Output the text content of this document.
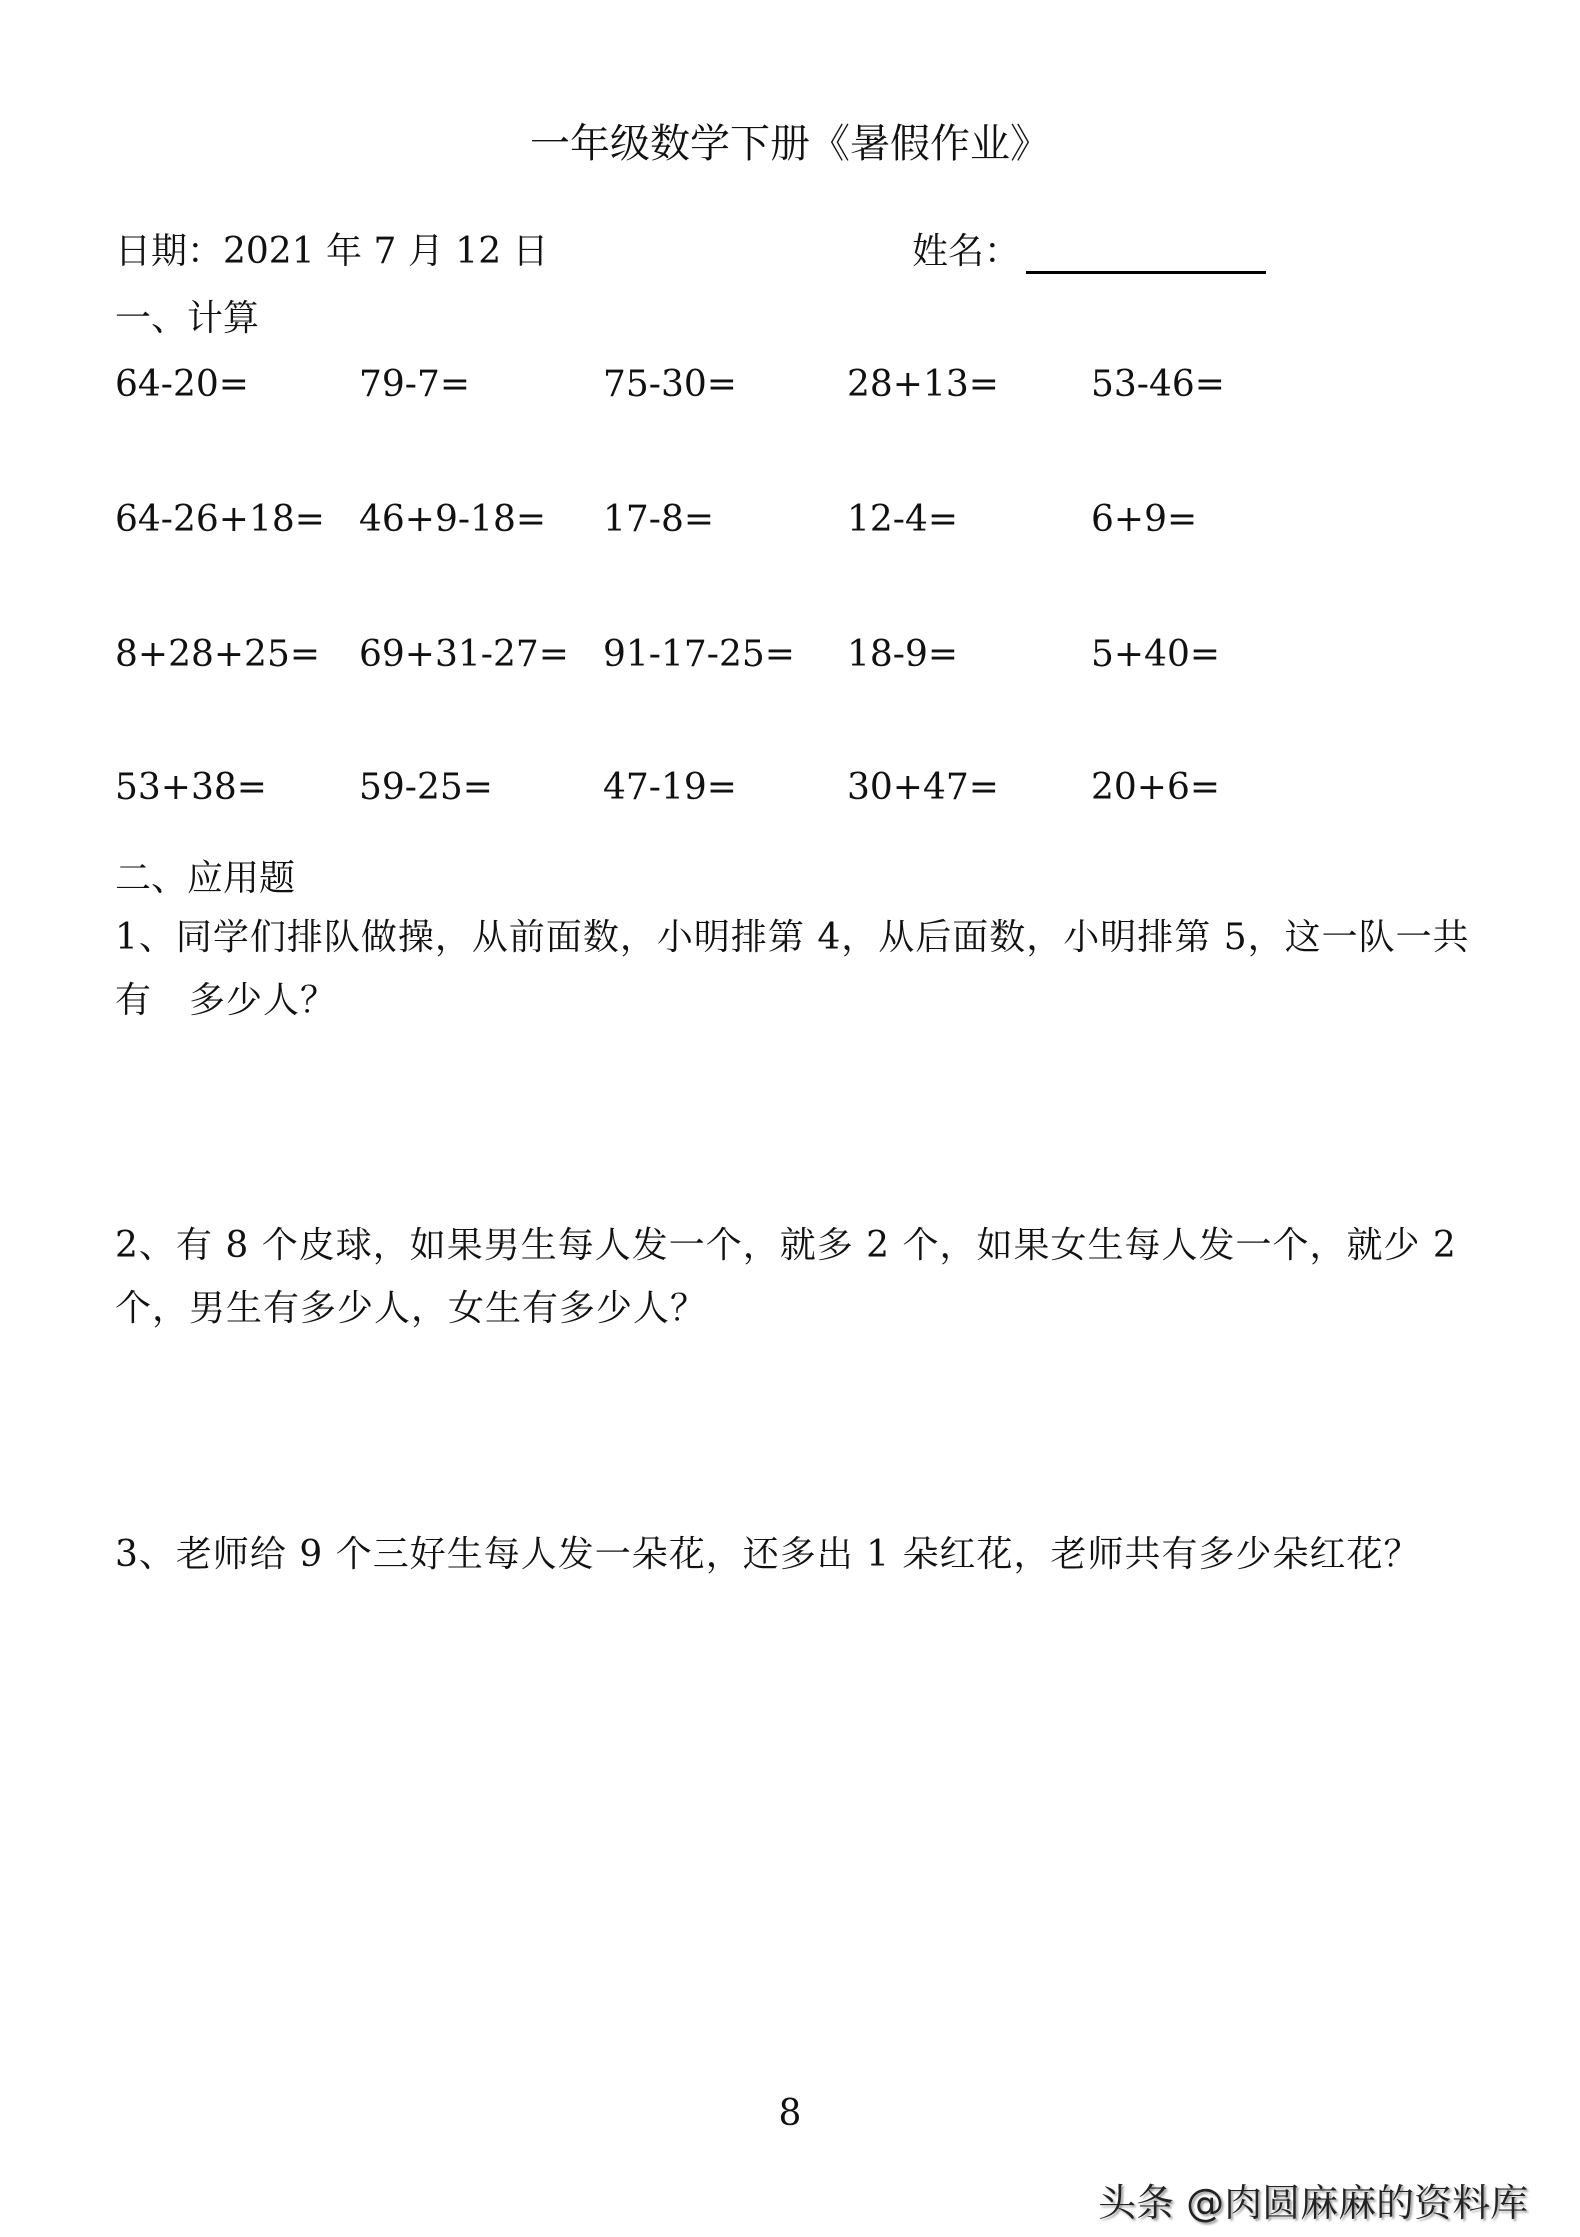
一年级数学下册《暑假作业》
日期：2021 年 7 月 12 日	姓名：
一、计算
64-20=	79-7=	75-30=	28+13=	53-46=
64-26+18= 46+9-18= 17-8=	12-4=	6+9=
8+28+25= 69+31-27= 91-17-25= 18-9=	5+40=
53+38=	59-25=	47-19=	30+47=	20+6=
二、应用题
1、同学们排队做操，从前面数，小明排第 4，从后面数，小明排第 5，这一队一共有　多少人？
2、有 8 个皮球，如果男生每人发一个，就多 2 个，如果女生每人发一个，就少 2 个，男生有多少人，女生有多少人？
3、老师给 9 个三好生每人发一朵花，还多出 1 朵红花，老师共有多少朵红花？
8
头条 @肉圆麻麻的资料库
